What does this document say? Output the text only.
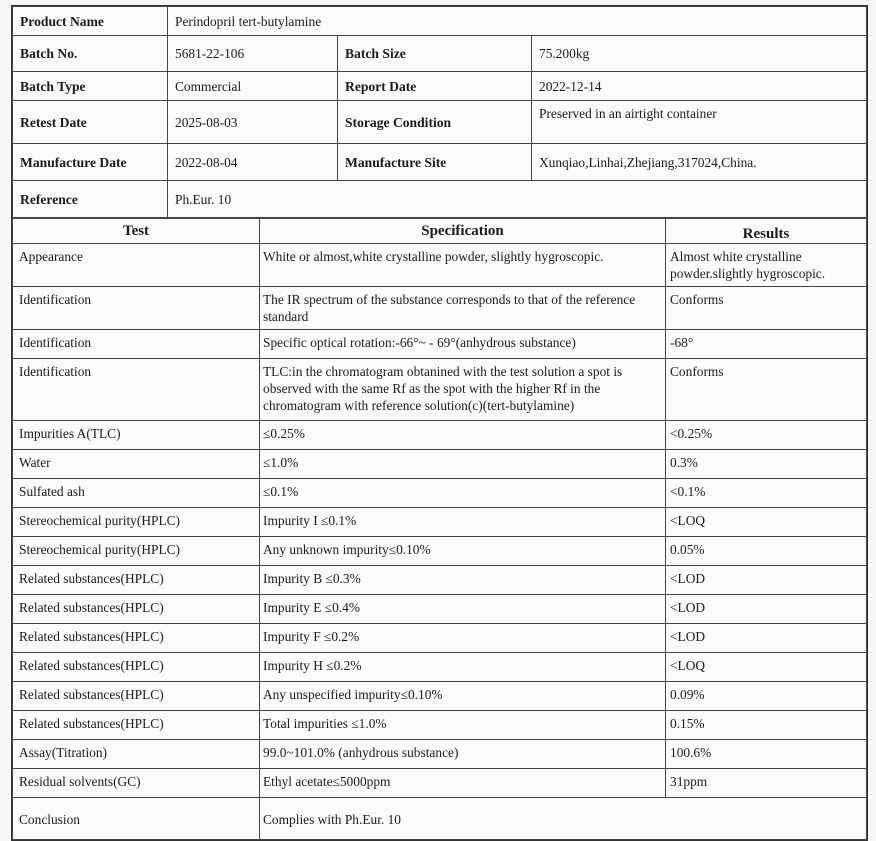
Product Name	Perindopril tert-butylamine		
Batch No.	5681-22-106	Batch Size	75.200kg
Batch Type	Commercial	Report Date	2022-12-14
Retest Date	2025-08-03	Storage Condition	Preserved in an airtight container
Manufacture Date	2022-08-04	Manufacture Site	Xunqiao,Linhai,Zhejiang,317024,China.
Reference	Ph.Eur. 10		
Test	Specification	Results
Appearance	White or almost,white crystalline powder, slightly hygroscopic.	Almost white crystalline powder.slightly hygroscopic.
Identification	The IR spectrum of the substance corresponds to that of the reference standard	Conforms
Identification	Specific optical rotation:-66°~ - 69°(anhydrous substance)	-68°
Identification	TLC:in the chromatogram obtanined with the test solution a spot is observed with the same Rf as the spot with the higher Rf in the chromatogram with reference solution(c)(tert-butylamine)	Conforms
Impurities A(TLC)	≤0.25%	<0.25%
Water	≤1.0%	0.3%
Sulfated ash	≤0.1%	<0.1%
Stereochemical purity(HPLC)	Impurity I ≤0.1%	<LOQ
Stereochemical purity(HPLC)	Any unknown impurity≤0.10%	0.05%
Related substances(HPLC)	Impurity B ≤0.3%	<LOD
Related substances(HPLC)	Impurity E ≤0.4%	<LOD
Related substances(HPLC)	Impurity F ≤0.2%	<LOD
Related substances(HPLC)	Impurity H ≤0.2%	<LOQ
Related substances(HPLC)	Any unspecified impurity≤0.10%	0.09%
Related substances(HPLC)	Total impurities ≤1.0%	0.15%
Assay(Titration)	99.0~101.0% (anhydrous substance)	100.6%
Residual solvents(GC)	Ethyl acetate≤5000ppm	31ppm
Conclusion	Complies with Ph.Eur. 10	
